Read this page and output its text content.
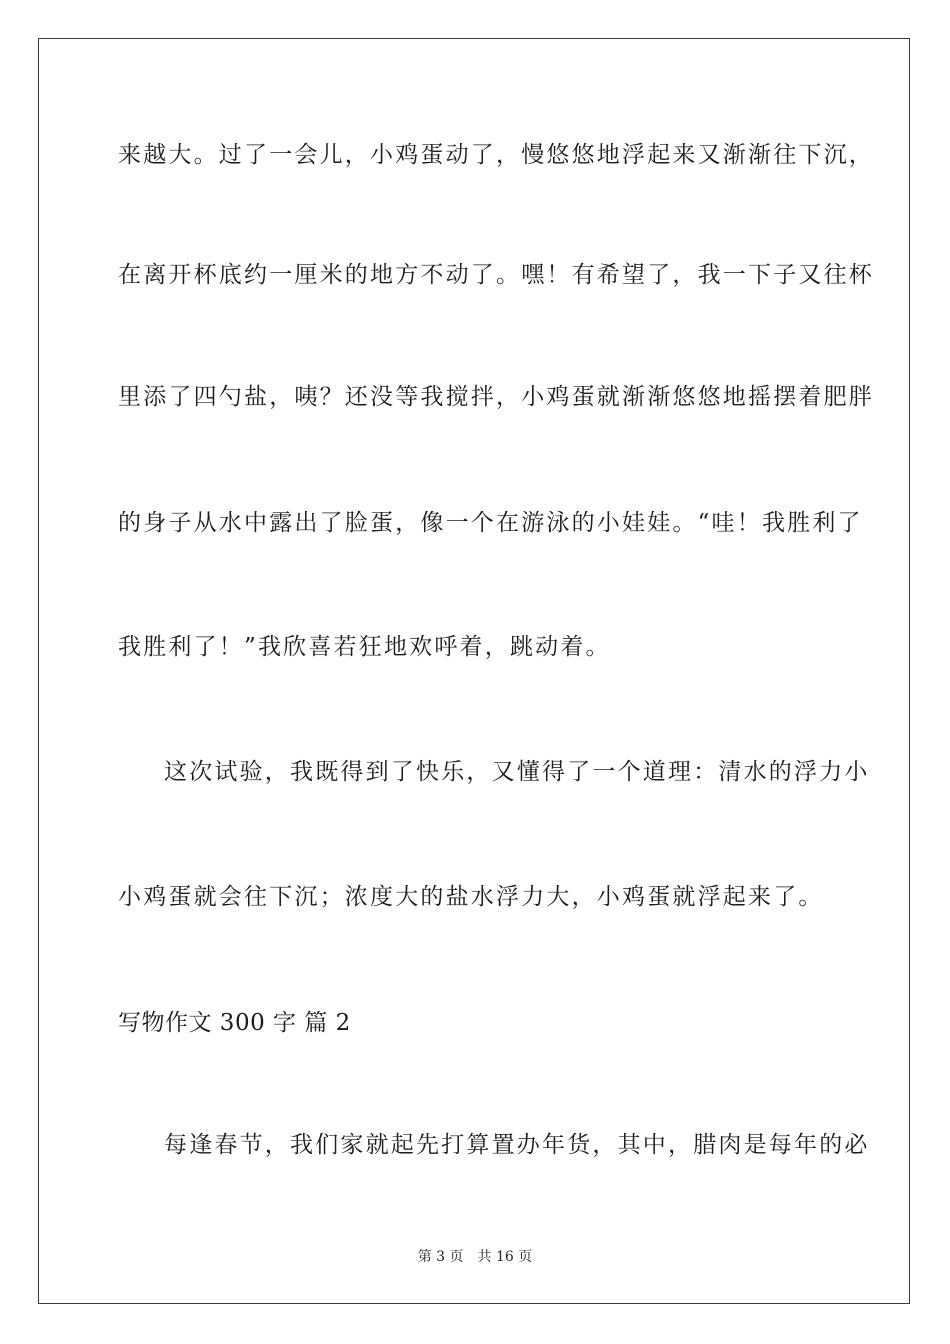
来越大。过了一会儿，小鸡蛋动了，慢悠悠地浮起来又渐渐往下沉，
在离开杯底约一厘米的地方不动了。嘿！有希望了，我一下子又往杯
里添了四勺盐，咦？还没等我搅拌，小鸡蛋就渐渐悠悠地摇摆着肥胖
的身子从水中露出了脸蛋，像一个在游泳的小娃娃。“哇！我胜利了
我胜利了！”我欣喜若狂地欢呼着，跳动着。
这次试验，我既得到了快乐，又懂得了一个道理：清水的浮力小
小鸡蛋就会往下沉；浓度大的盐水浮力大，小鸡蛋就浮起来了。
写物作文 300 字 篇 2
每逢春节，我们家就起先打算置办年货，其中，腊肉是每年的必
第 3 页 共 16 页
